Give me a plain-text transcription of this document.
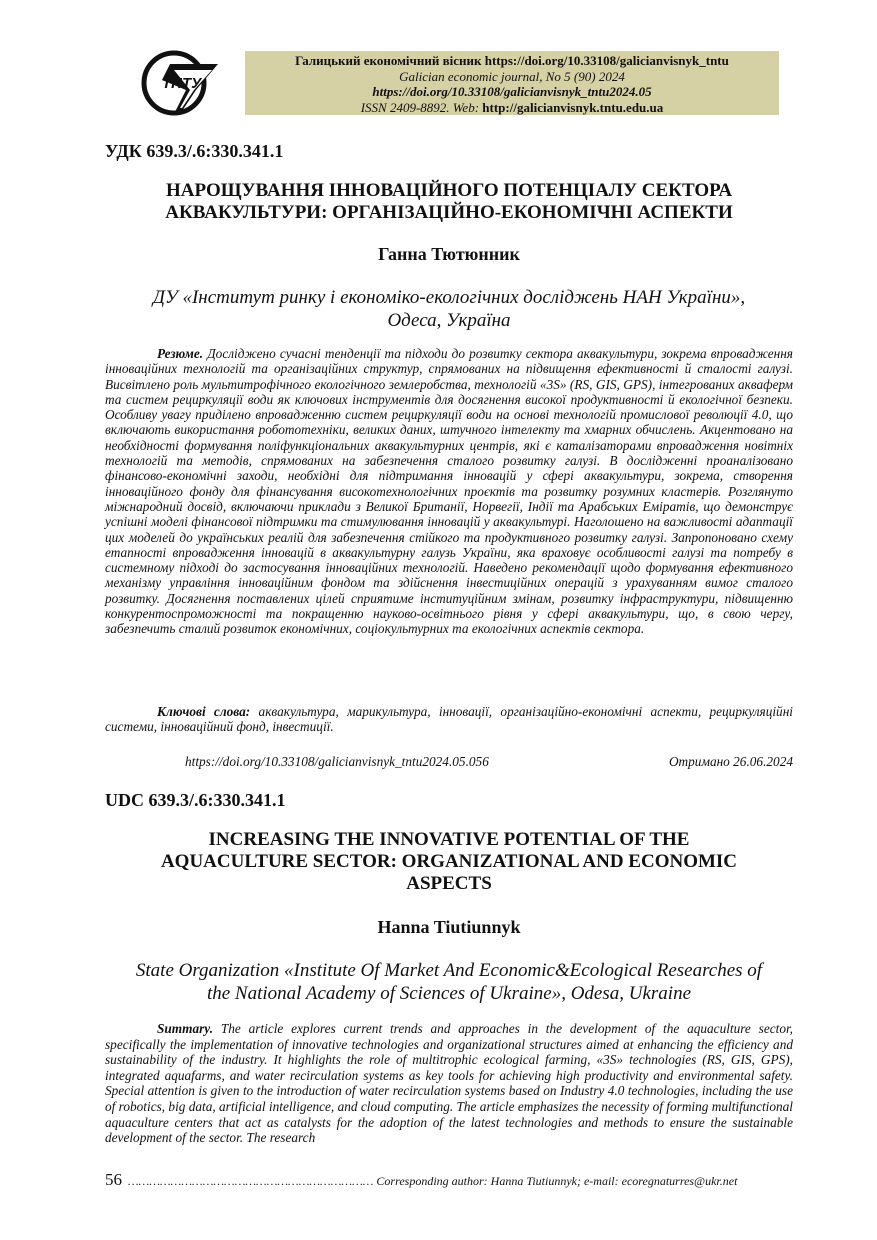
ТНТУ
Галицький економічний вісник https://doi.org/10.33108/galicianvisnyk_tntu
Galician economic journal, No 5 (90) 2024
https://doi.org/10.33108/galicianvisnyk_tntu2024.05
ISSN 2409-8892. Web: http://galicianvisnyk.tntu.edu.ua
УДК 639.3/.6:330.341.1
НАРОЩУВАННЯ ІННОВАЦІЙНОГО ПОТЕНЦІАЛУ СЕКТОРА
АКВАКУЛЬТУРИ: ОРГАНІЗАЦІЙНО-ЕКОНОМІЧНІ АСПЕКТИ
Ганна Тютюнник
ДУ «Інститут ринку і економіко-екологічних досліджень НАН України»,
Одеса, Україна
Резюме. Досліджено сучасні тенденції та підходи до розвитку сектора аквакультури, зокрема впровадження інноваційних технологій та організаційних структур, спрямованих на підвищення ефективності й сталості галузі. Висвітлено роль мультитрофічного екологічного землеробства, технологій «3S» (RS, GIS, GPS), інтегрованих акваферм та систем рециркуляції води як ключових інструментів для досягнення високої продуктивності й екологічної безпеки. Особливу увагу приділено впровадженню систем рециркуляції води на основі технологій промислової революції 4.0, що включають використання робототехніки, великих даних, штучного інтелекту та хмарних обчислень. Акцентовано на необхідності формування поліфункціональних аквакультурних центрів, які є каталізаторами впровадження новітніх технологій та методів, спрямованих на забезпечення сталого розвитку галузі. В дослідженні проаналізовано фінансово-економічні заходи, необхідні для підтримання інновацій у сфері аквакультури, зокрема, створення інноваційного фонду для фінансування високотехнологічних проєктів та розвитку розумних кластерів. Розглянуто міжнародний досвід, включаючи приклади з Великої Британії, Норвегії, Індії та Арабських Еміратів, що демонструє успішні моделі фінансової підтримки та стимулювання інновацій у аквакультурі. Наголошено на важливості адаптації цих моделей до українських реалій для забезпечення стійкого та продуктивного розвитку галузі. Запропоновано схему етапності впровадження інновацій в аквакультурну галузь України, яка враховує особливості галузі та потребу в системному підході до застосування інноваційних технологій. Наведено рекомендації щодо формування ефективного механізму управління інноваційним фондом та здійснення інвестиційних операцій з урахуванням вимог сталого розвитку. Досягнення поставлених цілей сприятиме інституційним змінам, розвитку інфраструктури, підвищенню конкурентоспроможності та покращенню науково-освітнього рівня у сфері аквакультури, що, в свою чергу, забезпечить сталий розвиток економічних, соціокультурних та екологічних аспектів сектора.
Ключові слова: аквакультура, марикультура, інновації, організаційно-економічні аспекти, рециркуляційні системи, інноваційний фонд, інвестиції.
https://doi.org/10.33108/galicianvisnyk_tntu2024.05.056	Отримано 26.06.2024
UDC 639.3/.6:330.341.1
INCREASING THE INNOVATIVE POTENTIAL OF THE
AQUACULTURE SECTOR: ORGANIZATIONAL AND ECONOMIC
ASPECTS
Hanna Tiutiunnyk
State Organization «Institute Of Market And Economic&Ecological Researches of
the National Academy of Sciences of Ukraine», Odesa, Ukraine
Summary. The article explores current trends and approaches in the development of the aquaculture sector, specifically the implementation of innovative technologies and organizational structures aimed at enhancing the efficiency and sustainability of the industry. It highlights the role of multitrophic ecological farming, «3S» technologies (RS, GIS, GPS), integrated aquafarms, and water recirculation systems as key tools for achieving high productivity and environmental safety. Special attention is given to the introduction of water recirculation systems based on Industry 4.0 technologies, including the use of robotics, big data, artificial intelligence, and cloud computing. The article emphasizes the necessity of forming multifunctional aquaculture centers that act as catalysts for the adoption of the latest technologies and methods to ensure the sustainable development of the sector. The research
56 …………………………………………………………… Corresponding author: Hanna Tiutiunnyk; e-mail: ecoregnaturres@ukr.net
